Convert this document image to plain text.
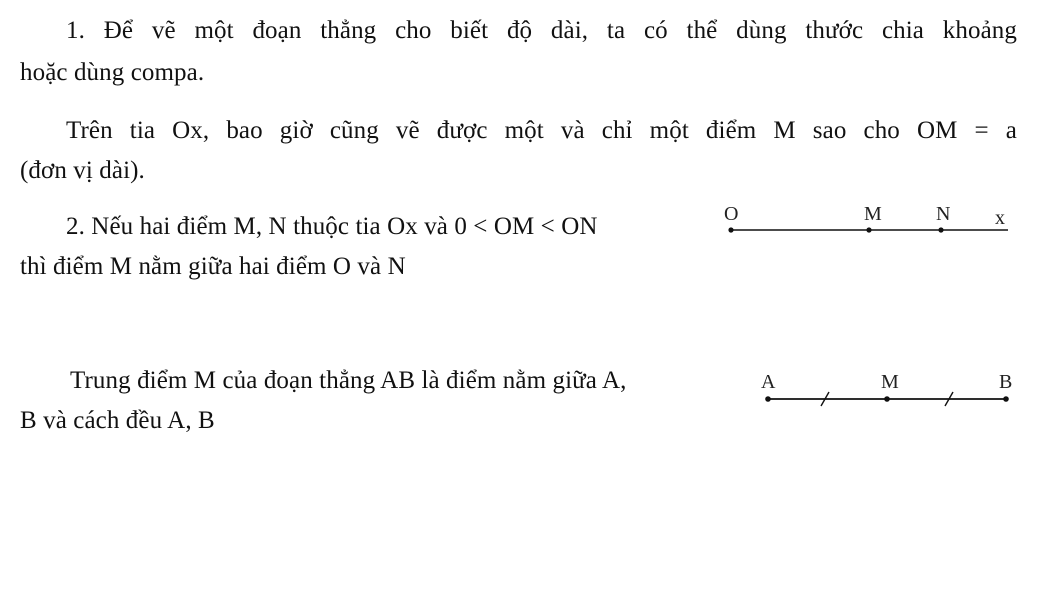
1. Để vẽ một đoạn thẳng cho biết độ dài, ta có thể dùng thước chia khoảng
hoặc dùng compa.
Trên tia Ox, bao giờ cũng vẽ được một và chỉ một điểm M sao cho OM = a
(đơn vị dài).
2. Nếu hai điểm M, N thuộc tia Ox và 0 < OM < ON
thì điểm M nằm giữa hai điểm O và N
O	M	N x
Trung điểm M của đoạn thẳng AB là điểm nằm giữa A,
B và cách đều A, B
A	M	B
